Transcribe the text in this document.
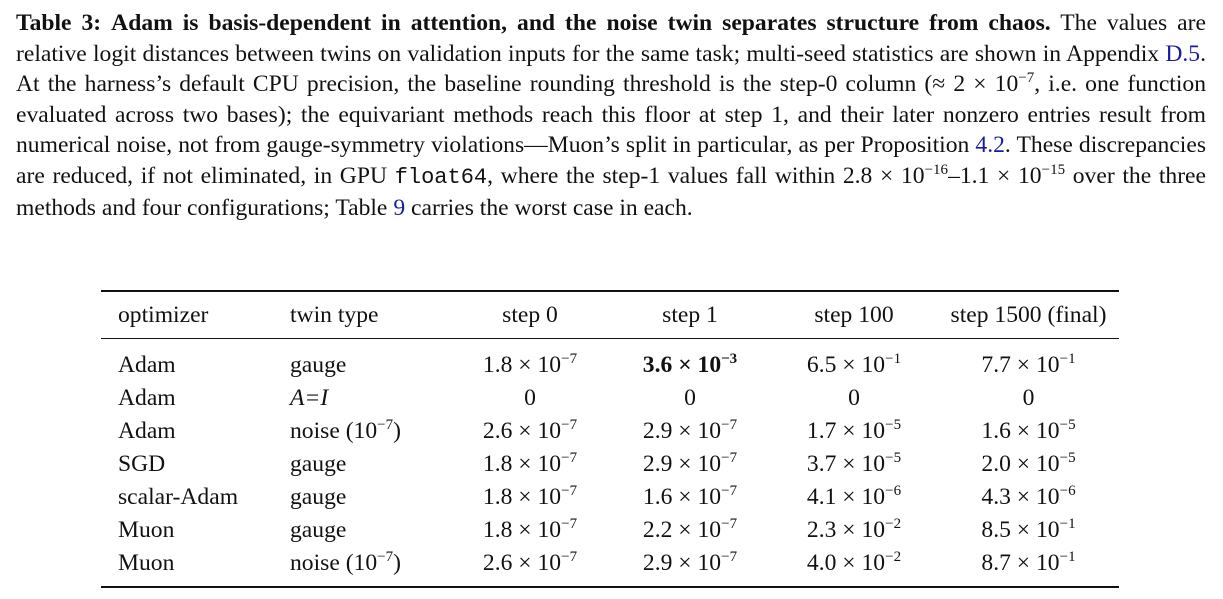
Table 3: Adam is basis-dependent in attention, and the noise twin separates structure from chaos. The values are relative logit distances between twins on validation inputs for the same task; multi-seed statistics are shown in Appendix D.5. At the harness’s default CPU precision, the baseline rounding threshold is the step-0 column (≈ $2 \times 10^{-7}$, i.e. one function evaluated across two bases); the equivariant methods reach this floor at step 1, and their later nonzero entries result from numerical noise, not from gauge-symmetry violations—Muon’s split in particular, as per Proposition 4.2. These discrepancies are reduced, if not eliminated, in GPU float64, where the step-1 values fall within $2.8 \times 10^{-16}-1.1 \times 10^{-15}$ over the three methods and four configurations; Table 9 carries the worst case in each.
optimizer	twin type	step 0	step 1	step 100	step 1500 (final)
Adam	gauge	$1.8 \times 10^{-7}$	$3.6 \times 10^{-3}$	$6.5 \times 10^{-1}$	$7.7 \times 10^{-1}$
Adam	A=I	0	0	0	0
Adam	noise $(10^{-7})$	$2.6 \times 10^{-7}$	$2.9 \times 10^{-7}$	$1.7 \times 10^{-5}$	$1.6 \times 10^{-5}$
SGD	gauge	$1.8 \times 10^{-7}$	$2.9 \times 10^{-7}$	$3.7 \times 10^{-5}$	$2.0 \times 10^{-5}$
scalar-Adam	gauge	$1.8 \times 10^{-7}$	$1.6 \times 10^{-7}$	$4.1 \times 10^{-6}$	$4.3 \times 10^{-6}$
Muon	gauge	$1.8 \times 10^{-7}$	$2.2 \times 10^{-7}$	$2.3 \times 10^{-2}$	$8.5 \times 10^{-1}$
Muon	noise $(10^{-7})$	$2.6 \times 10^{-7}$	$2.9 \times 10^{-7}$	$4.0 \times 10^{-2}$	$8.7 \times 10^{-1}$
